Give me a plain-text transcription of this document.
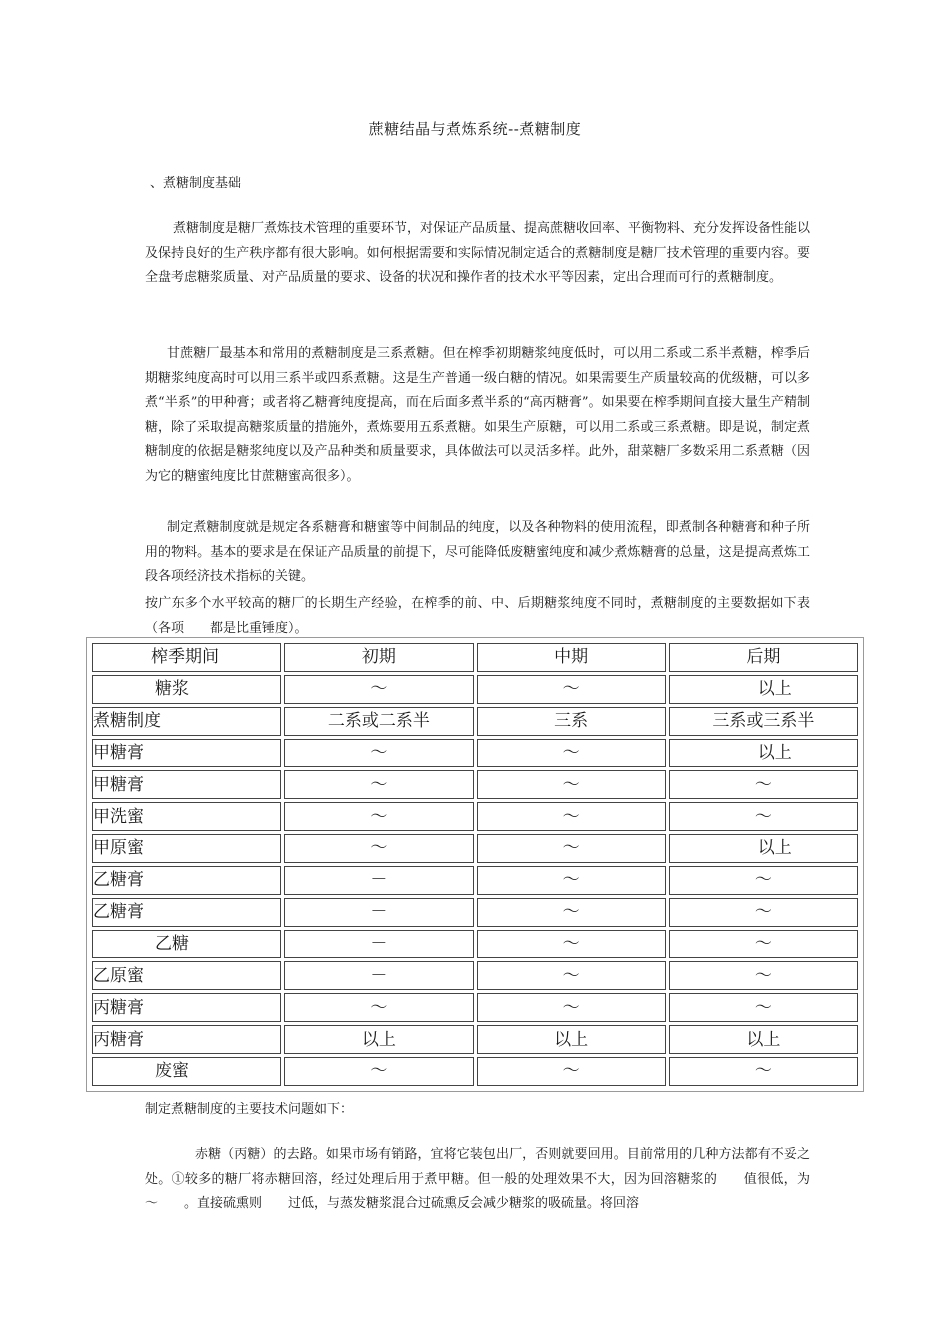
蔗糖结晶与煮炼系统--煮糖制度
、煮糖制度基础

煮糖制度是糖厂煮炼技术管理的重要环节，对保证产品质量、提高蔗糖收回率、平衡物料、充分发挥设备性能以及保持良好的生产秩序都有很大影响。如何根据需要和实际情况制定适合的煮糖制度是糖厂技术管理的重要内容。要全盘考虑糖浆质量、对产品质量的要求、设备的状况和操作者的技术水平等因素，定出合理而可行的煮糖制度。

甘蔗糖厂最基本和常用的煮糖制度是三系煮糖。但在榨季初期糖浆纯度低时，可以用二系或二系半煮糖，榨季后期糖浆纯度高时可以用三系半或四系煮糖。这是生产普通一级白糖的情况。如果需要生产质量较高的优级糖，可以多煮“半系”的甲种膏；或者将乙糖膏纯度提高，而在后面多煮半系的“高丙糖膏”。如果要在榨季期间直接大量生产精制糖，除了采取提高糖浆质量的措施外，煮炼要用五系煮糖。如果生产原糖，可以用二系或三系煮糖。即是说，制定煮糖制度的依据是糖浆纯度以及产品种类和质量要求，具体做法可以灵活多样。此外，甜菜糖厂多数采用二系煮糖（因为它的糖蜜纯度比甘蔗糖蜜高很多）。

制定煮糖制度就是规定各系糖膏和糖蜜等中间制品的纯度，以及各种物料的使用流程，即煮制各种糖膏和种子所用的物料。基本的要求是在保证产品质量的前提下，尽可能降低废糖蜜纯度和减少煮炼糖膏的总量，这是提高煮炼工段各项经济技术指标的关键。

按广东多个水平较高的糖厂的长期生产经验，在榨季的前、中、后期糖浆纯度不同时，煮糖制度的主要数据如下表（各项　　都是比重锤度）。

榨季期间	初期	中期	后期
糖浆	～	～	以上
煮糖制度	二系或二系半	三系	三系或三系半
甲糖膏	～	～	以上
甲糖膏	～	～	～
甲洗蜜	～	～	～
甲原蜜	～	～	以上
乙糖膏	－	～	～
乙糖膏	－	～	～
乙糖	－	～	～
乙原蜜	－	～	～
丙糖膏	～	～	～
丙糖膏	以上	以上	以上
废蜜	～	～	～

制定煮糖制度的主要技术问题如下：

赤糖（丙糖）的去路。如果市场有销路，宜将它装包出厂，否则就要回用。目前常用的几种方法都有不妥之处。①较多的糖厂将赤糖回溶，经过处理后用于煮甲糖。但一般的处理效果不大，因为回溶糖浆的　　值很低，为　　～　　。直接硫熏则　　过低，与蒸发糖浆混合过硫熏反会减少糖浆的吸硫量。将回溶
